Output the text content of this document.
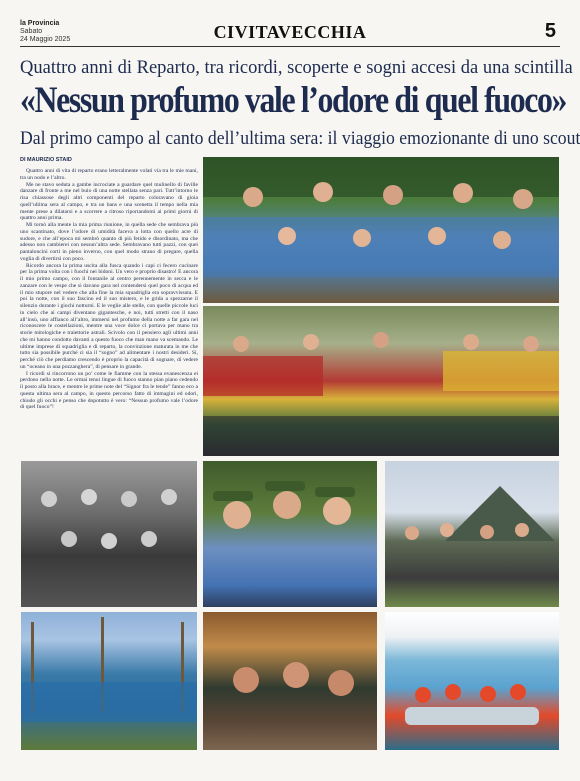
la Provincia
Sabato
24 Maggio 2025	CIVITAVECCHIA	5
Quattro anni di Reparto, tra ricordi, scoperte e sogni accesi da una scintilla
«Nessun profumo vale l’odore di quel fuoco»
Dal primo campo al canto dell’ultima sera: il viaggio emozionante di uno scout
DI MAURIZIO STAID

Quattro anni di vita di reparto erano letteralmente volati via tra le mie mani, tra un nodo e l’altro.

Me ne stavo seduta a gambe incrociate a guardare quel mulinello di faville danzare di fronte a me nel buio di una notte stellata senza pari. Tutt’intorno le risa chiassose degli altri componenti del reparto coloravano di gioia quell’ultima sera al campo, e tra un bans e una scenetta il tempo nella mia mente prese a dilatarsi e a scorrere a ritroso riportandomi ai primi giorni di quattro anni prima.

Mi tornò alla mente la mia prima riunione, in quella sede che sembrava più uno scantinato, dove l’odore di umidità faceva a lotta con quello acre di sudore, e che all’epoca mi sembrò quanto di più fetido e disordinato, ma che adesso non cambierei con nessun’altra sede. Sembravano tutti pazzi, con quei pantaloncini corti in pieno inverno, con quel modo strano di pregare, quella voglia di divertirsi con poco.

Ricordo ancora la prima uscita alla fusca quando i capi ci fecero cucinare per la prima volta con i fuochi nei bidoni. Un vero e proprio disastro! E ancora il mio primo campo, con il fontanile al centro perennemente in secca e le zanzare con le vespe che si davano gara nel contendersi quel poco di acqua ed il mio stupore nel vedere che alla fine la mia squadriglia era sopravvissuta. E poi la notte, con il suo fascino ed il suo mistero, e le grida a spezzarne il silenzio durante i giochi notturni. E le veglie alle stelle, con quelle piccole luci in cielo che ai campi diventano gigantesche, e noi, tutti stretti con il naso all’insù, uno affianco all’altro, immersi nel profumo della notte a far gara nel riconoscere le costellazioni, mentre una voce dolce ci portava per mano tra storie mitologiche e traiettorie astrali. Scivolo con il pensiero agli ultimi anni che mi hanno condotto davanti a questo fuoco che man mano va scemando. Le ultime imprese di squadriglia e di reparto, la convinzione maturata in me che tutto sia possibile purché ci sia il “sogno” ad alimentare i nostri desideri. Sì, perché ciò che perdiamo crescendo è proprio la capacità di sognare, di vedere un “oceano in una pozzanghera”, di pensare in grande.

I ricordi si rincorrono un po’ come le fiamme con la stessa evanescenza ei perdono nella notte. Le ormai tenui lingue di fuoco stanno pian piano cedendo il posto alla brace, e mentre le prime note del “Signor fra le tende” fanno eco a questa ultima sera al campo, in questo percorso fatto di immagini ed odori, chiudo gli occhi e penso che dopotutto è vero: “Nessun profumo vale l’odore di quel fuoco”!
